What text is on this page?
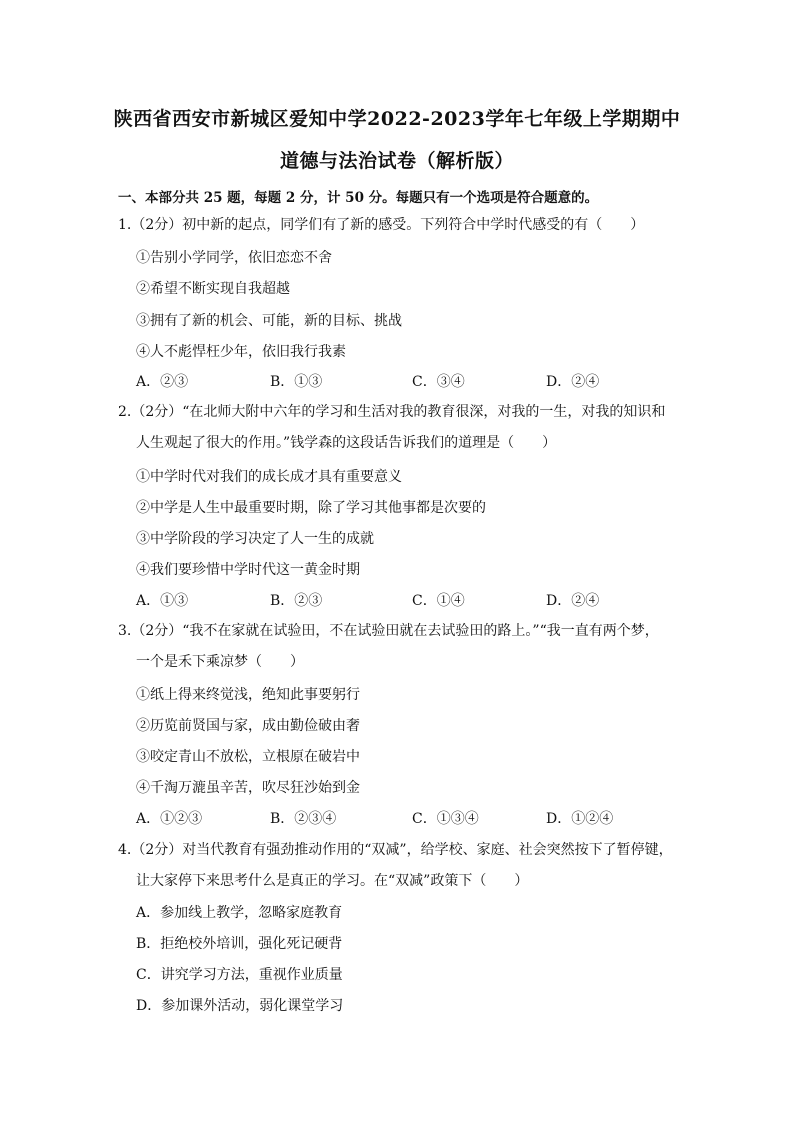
陕西省西安市新城区爱知中学2022-2023学年七年级上学期期中
道德与法治试卷（解析版）
一、本部分共 25 题，每题 2 分，计 50 分。每题只有一个选项是符合题意的。
1.（2分）初中新的起点，同学们有了新的感受。下列符合中学时代感受的有（　　）
①告别小学同学，依旧恋恋不舍
②希望不断实现自我超越
③拥有了新的机会、可能，新的目标、挑战
④人不彪悍枉少年，依旧我行我素
A．②③	B．①③	C．③④	D．②④
2.（2分）“在北师大附中六年的学习和生活对我的教育很深，对我的一生，对我的知识和
人生观起了很大的作用。”钱学森的这段话告诉我们的道理是（　　）
①中学时代对我们的成长成才具有重要意义
②中学是人生中最重要时期，除了学习其他事都是次要的
③中学阶段的学习决定了人一生的成就
④我们要珍惜中学时代这一黄金时期
A．①③	B．②③	C．①④	D．②④
3.（2分）“我不在家就在试验田，不在试验田就在去试验田的路上。”“我一直有两个梦，
一个是禾下乘凉梦（　　）
①纸上得来终觉浅，绝知此事要躬行
②历览前贤国与家，成由勤俭破由奢
③咬定青山不放松，立根原在破岩中
④千淘万漉虽辛苦，吹尽狂沙始到金
A．①②③	B．②③④	C．①③④	D．①②④
4.（2分）对当代教育有强劲推动作用的“双减”，给学校、家庭、社会突然按下了暂停键，
让大家停下来思考什么是真正的学习。在“双减”政策下（　　）
A．参加线上教学，忽略家庭教育
B．拒绝校外培训，强化死记硬背
C．讲究学习方法，重视作业质量
D．参加课外活动，弱化课堂学习
